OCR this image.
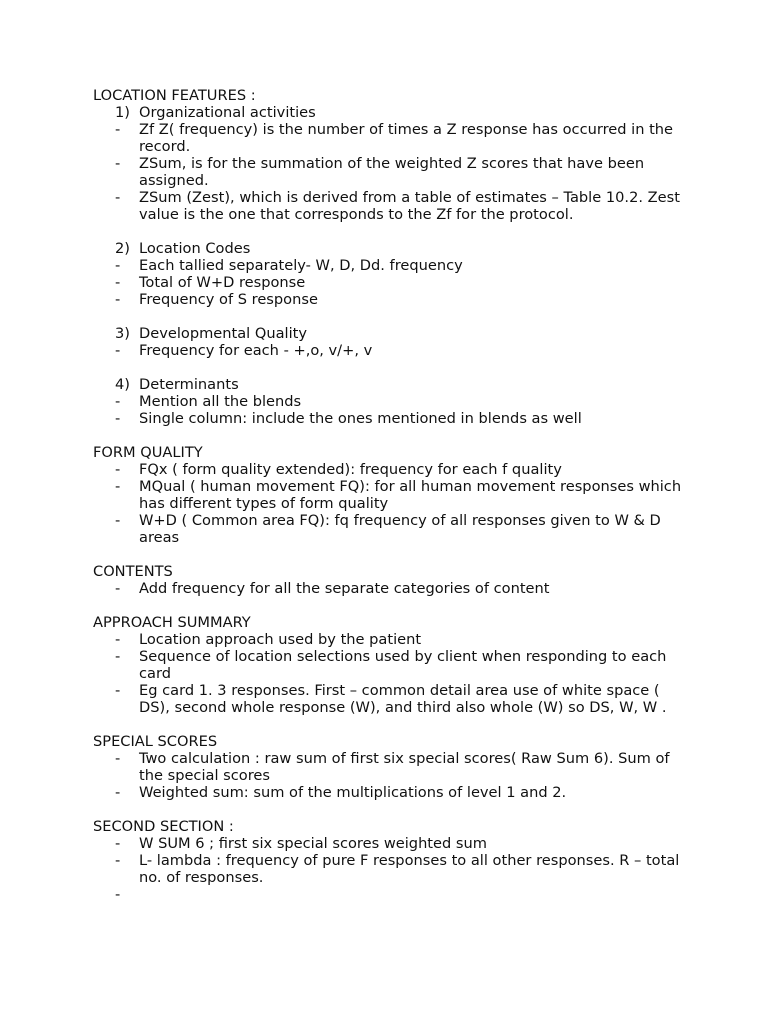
LOCATION FEATURES :

1) Organizational activities
- Zf Z( frequency) is the number of times a Z response has occurred in the record.
- ZSum, is for the summation of the weighted Z scores that have been assigned.
- ZSum (Zest), which is derived from a table of estimates – Table 10.2. Zest value is the one that corresponds to the Zf for the protocol.
2) Location Codes
- Each tallied separately- W, D, Dd. frequency
- Total of W+D response
- Frequency of S response
3) Developmental Quality
- Frequency for each - +,o, v/+, v
4) Determinants
- Mention all the blends
- Single column: include the ones mentioned in blends as well

FORM QUALITY

- FQx ( form quality extended): frequency for each f quality
- MQual ( human movement FQ): for all human movement responses which has different types of form quality
- W+D ( Common area FQ): fq frequency of all responses given to W & D areas

CONTENTS

- Add frequency for all the separate categories of content

APPROACH SUMMARY

- Location approach used by the patient
- Sequence of location selections used by client when responding to each card
- Eg card 1. 3 responses. First – common detail area use of white space ( DS), second whole response (W), and third also whole (W) so DS, W, W .

SPECIAL SCORES

- Two calculation : raw sum of first six special scores( Raw Sum 6). Sum of the special scores
- Weighted sum: sum of the multiplications of level 1 and 2.

SECOND SECTION :

- W SUM 6 ; first six special scores weighted sum
- L- lambda : frequency of pure F responses to all other responses. R – total no. of responses.
-
